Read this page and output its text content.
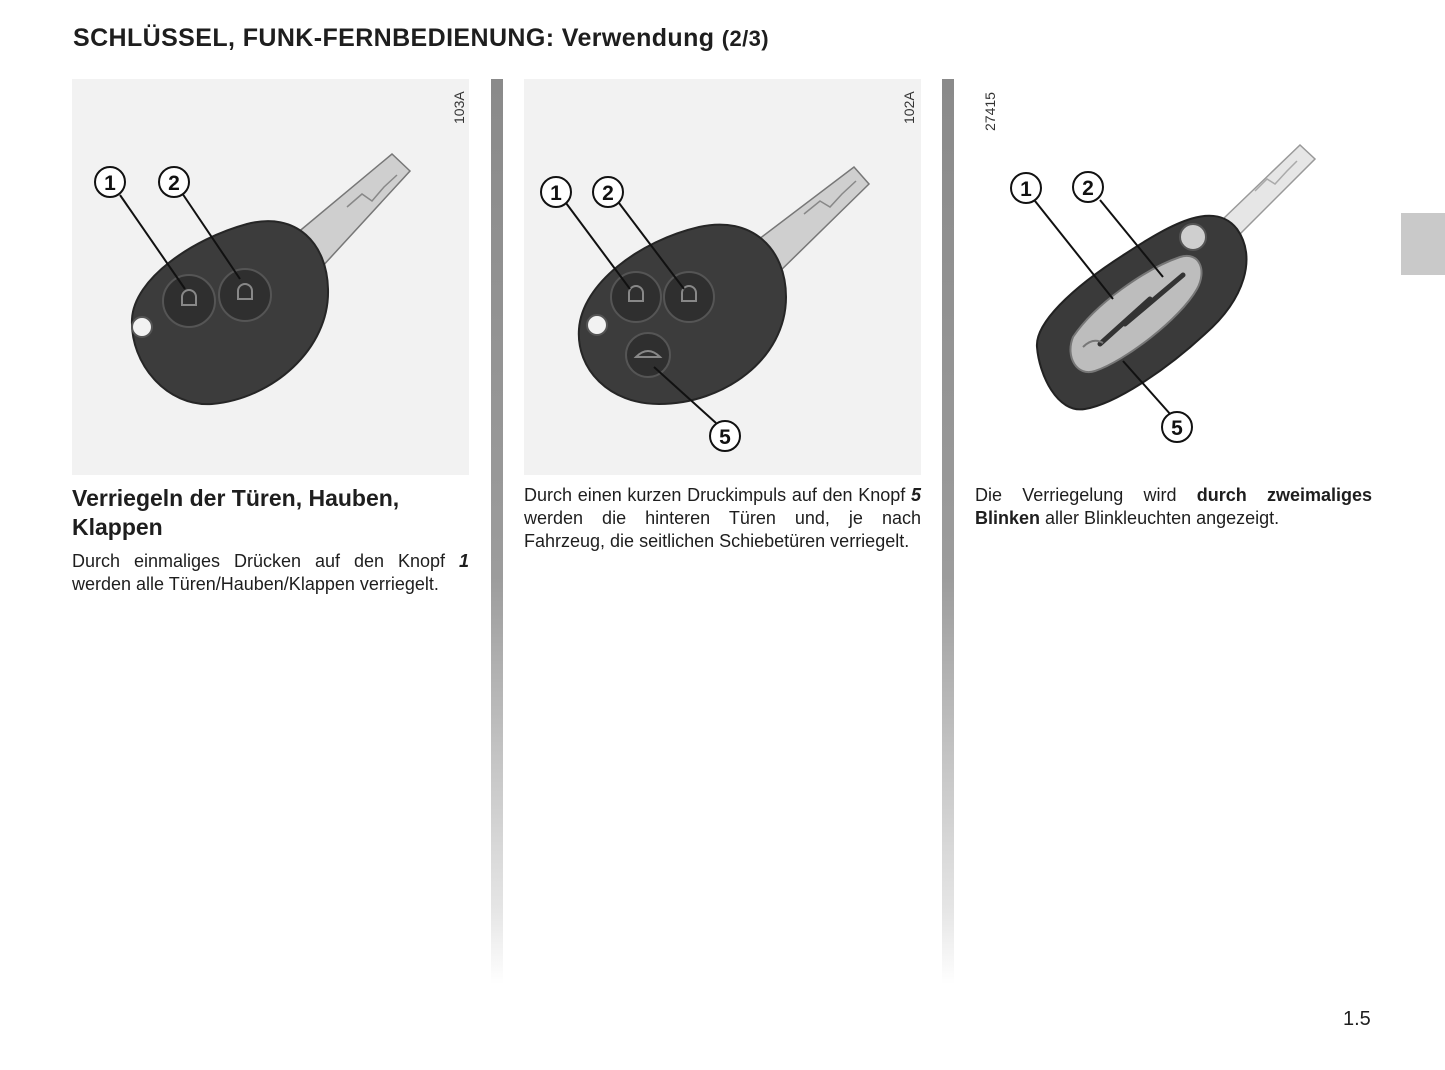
SCHLÜSSEL, FUNK-FERNBEDIENUNG: Verwendung (2/3)
103A
1 2
102A
1 2
5
27415
1 2
5
Verriegeln der Türen, Hauben, Klappen

Durch einmaliges Drücken auf den Knopf 1 werden alle Türen/Hauben/Klappen verriegelt.

Durch einen kurzen Druckimpuls auf den Knopf 5 werden die hinteren Türen und, je nach Fahrzeug, die seitlichen Schiebetüren verriegelt.

Die Verriegelung wird durch zweimaliges Blinken aller Blinkleuchten angezeigt.

1.5
